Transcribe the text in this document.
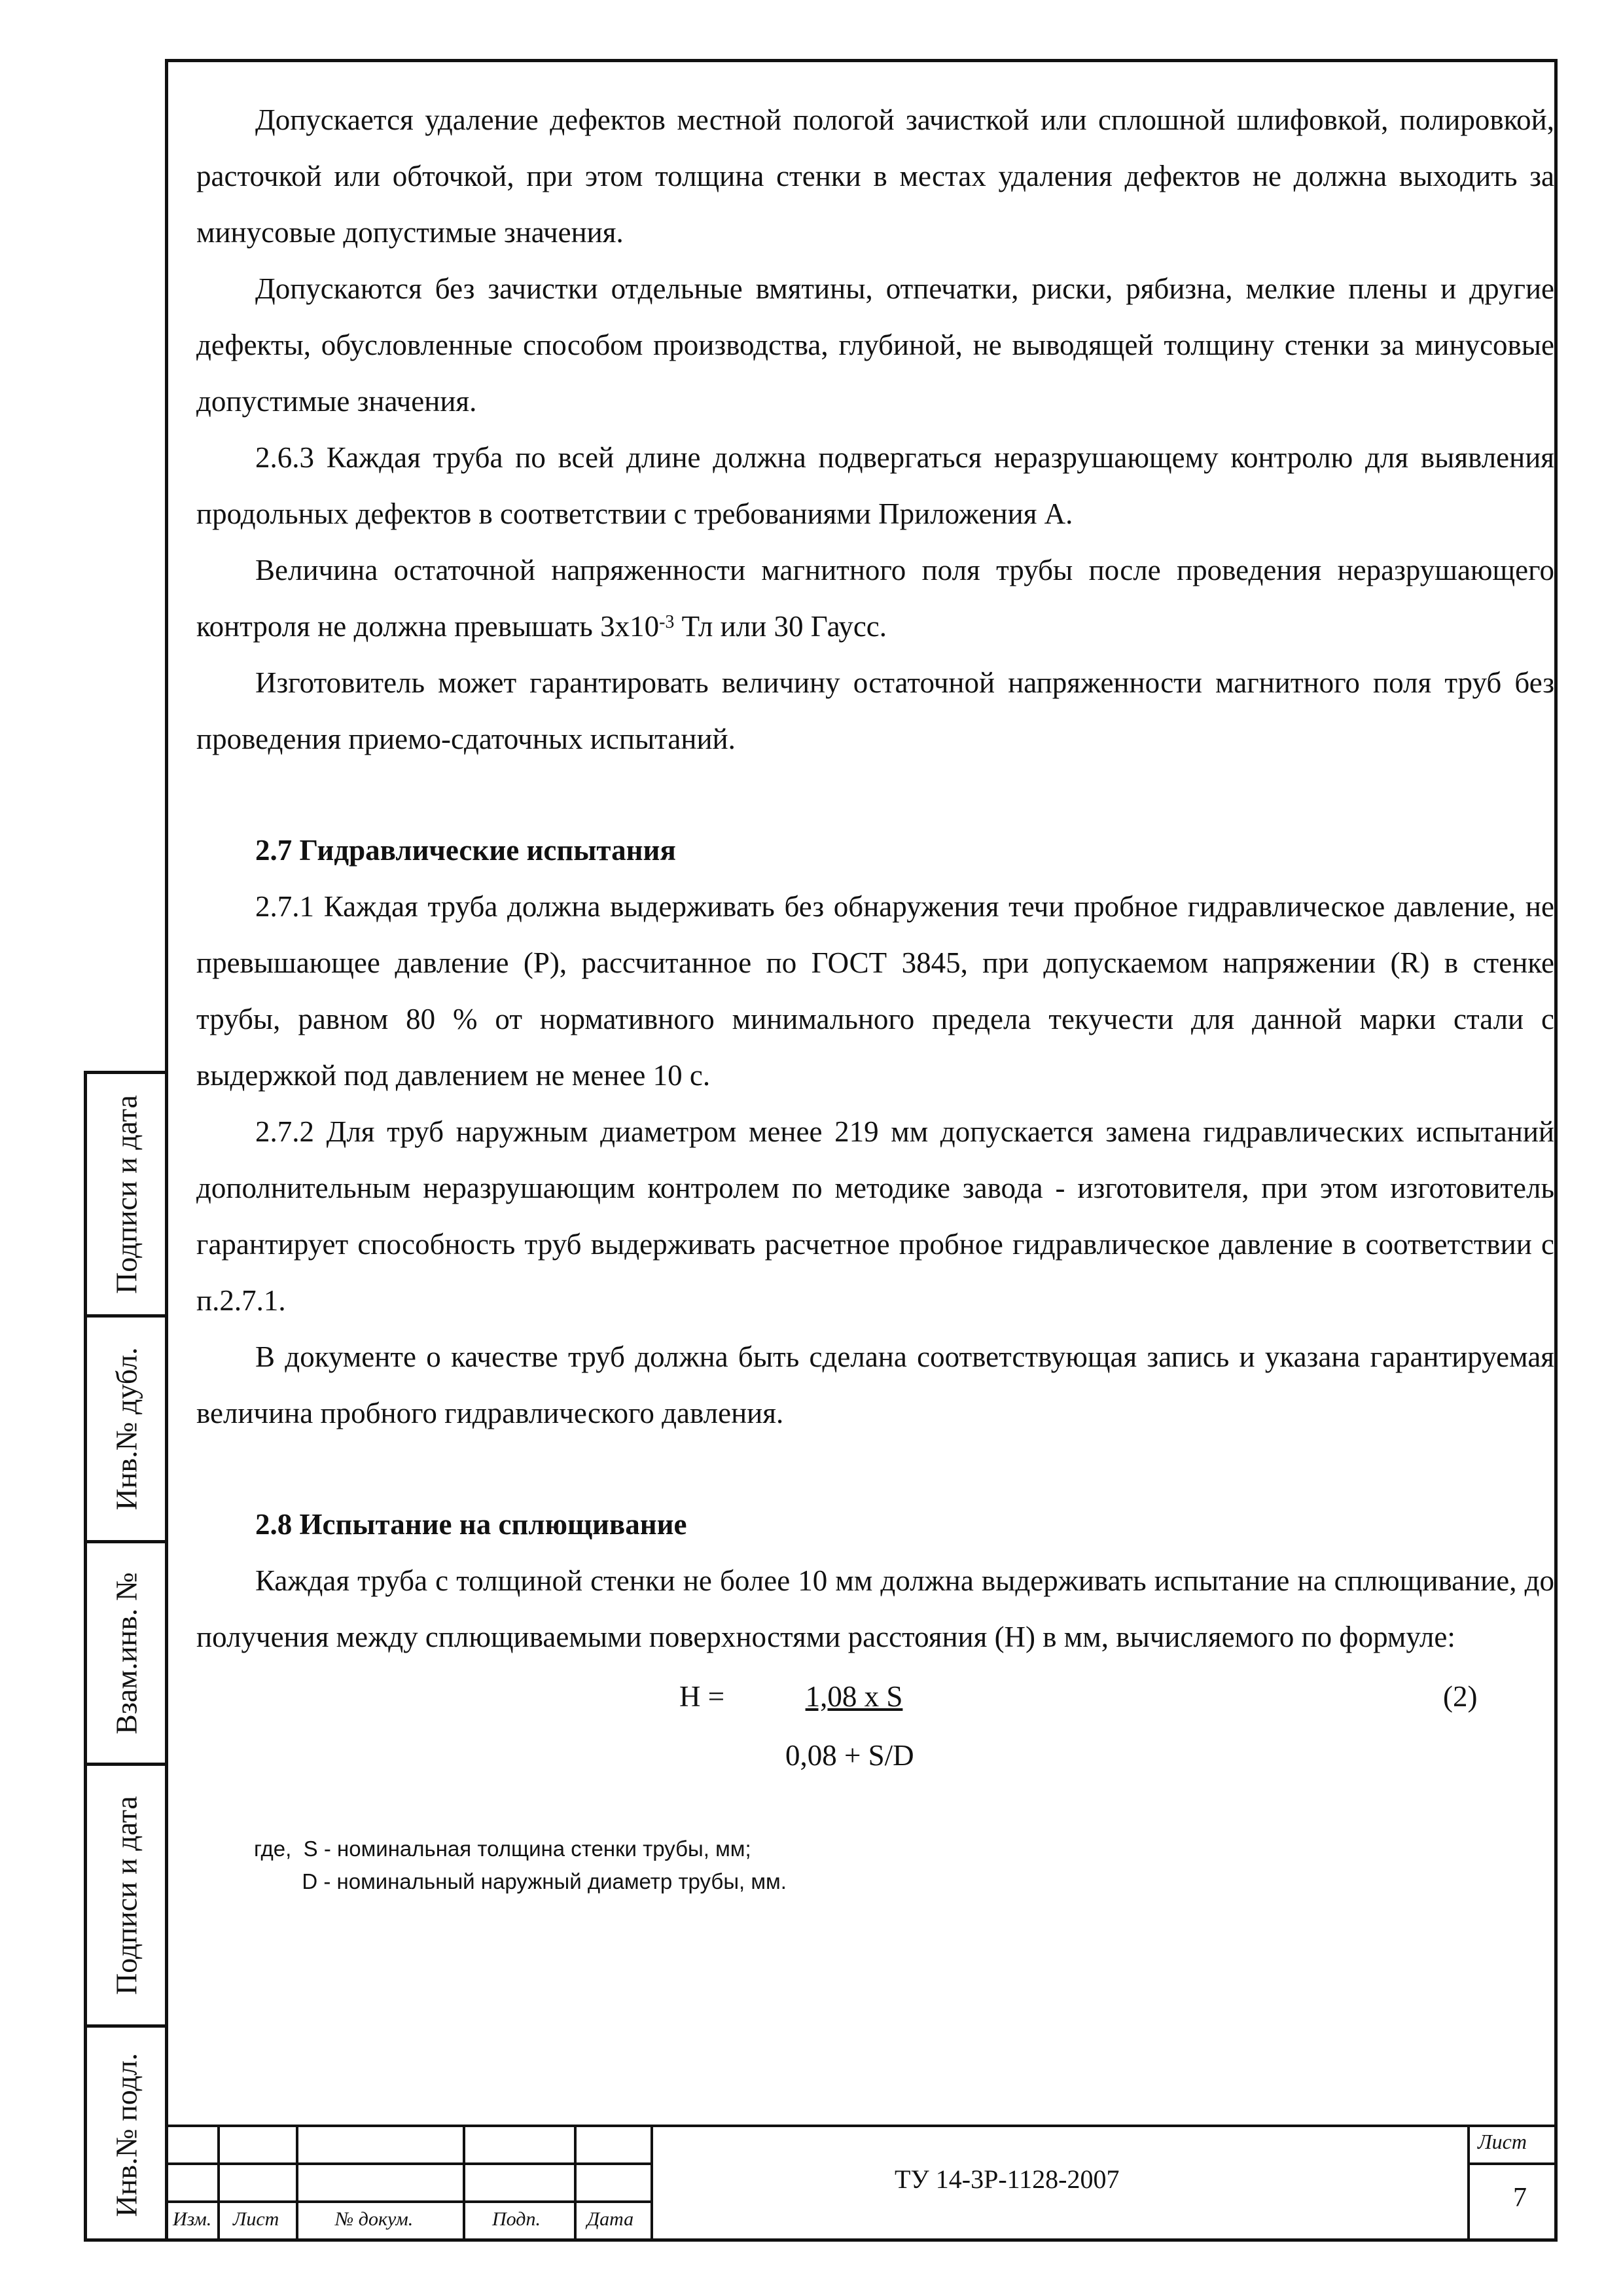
Допускается удаление дефектов местной пологой зачисткой или сплошной шлифовкой, полировкой, расточкой или обточкой, при этом толщина стенки в местах удаления дефектов не должна выходить за минусовые допустимые значения.

Допускаются без зачистки отдельные вмятины, отпечатки, риски, рябизна, мелкие плены и другие дефекты, обусловленные способом производства, глубиной, не выводящей толщину стенки за минусовые допустимые значения.

2.6.3 Каждая труба по всей длине должна подвергаться неразрушающему контролю для выявления продольных дефектов в соответствии с требованиями Приложения А.

Величина остаточной напряженности магнитного поля трубы после проведения неразрушающего контроля не должна превышать $3х10^{-3}$ Тл или 30 Гаусс.

Изготовитель может гарантировать величину остаточной напряженности магнитного поля труб без проведения приемо-сдаточных испытаний.

2.7 Гидравлические испытания

2.7.1 Каждая труба должна выдерживать без обнаружения течи пробное гидравлическое давление, не превышающее давление (Р), рассчитанное по ГОСТ 3845, при допускаемом напряжении (R) в стенке трубы, равном 80 % от нормативного минимального предела текучести для данной марки стали с выдержкой под давлением не менее 10 с.

2.7.2 Для труб наружным диаметром менее 219 мм допускается замена гидравлических испытаний дополнительным неразрушающим контролем по методике завода - изготовителя, при этом изготовитель гарантирует способность труб выдерживать расчетное пробное гидравлическое давление в соответствии с п.2.7.1.

В документе о качестве труб должна быть сделана соответствующая запись и указана гарантируемая величина пробного гидравлического давления.

2.8 Испытание на сплющивание

Каждая труба с толщиной стенки не более 10 мм должна выдерживать испытание на сплющивание, до получения между сплющиваемыми поверхностями расстояния (Н) в мм, вычисляемого по формуле:

Н =	1,08 х S
0,08 + S/D
(2)
где,  S - номинальная толщина стенки трубы, мм;
D - номинальный наружный диаметр трубы, мм.
Подписи и дата
Инв.№ дубл.
Взам.инв. №
Подписи и дата
Инв.№ подл.
Изм. Лист	№ докум.	Подп. Дата
ТУ 14-3Р-1128-2007
Лист
7
